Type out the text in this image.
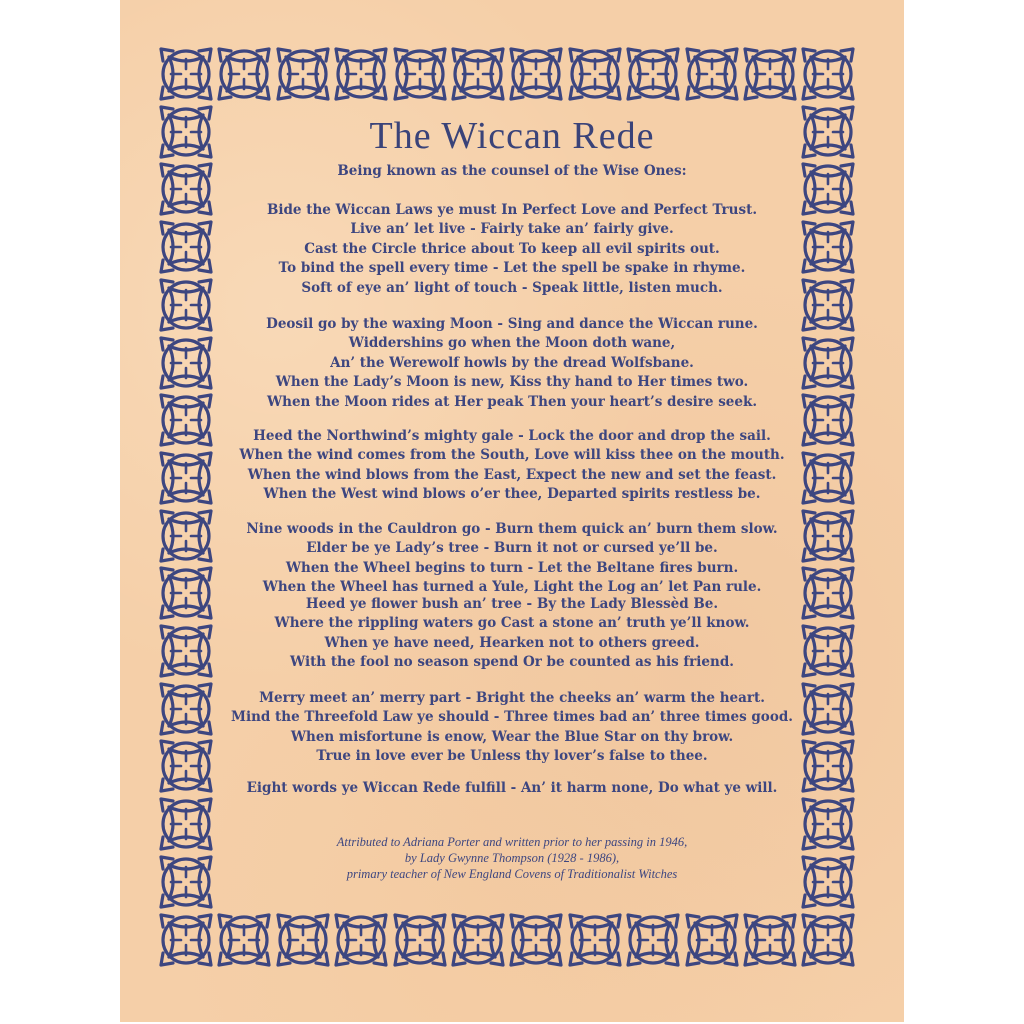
The Wiccan Rede
Being known as the counsel of the Wise Ones:
Bide the Wiccan Laws ye must In Perfect Love and Perfect Trust.
Live an’ let live - Fairly take an’ fairly give.
Cast the Circle thrice about To keep all evil spirits out.
To bind the spell every time - Let the spell be spake in rhyme.
Soft of eye an’ light of touch - Speak little, listen much.
Deosil go by the waxing Moon - Sing and dance the Wiccan rune.
Widdershins go when the Moon doth wane,
An’ the Werewolf howls by the dread Wolfsbane.
When the Lady’s Moon is new, Kiss thy hand to Her times two.
When the Moon rides at Her peak Then your heart’s desire seek.
Heed the Northwind’s mighty gale - Lock the door and drop the sail.
When the wind comes from the South, Love will kiss thee on the mouth.
When the wind blows from the East, Expect the new and set the feast.
When the West wind blows o’er thee, Departed spirits restless be.
Nine woods in the Cauldron go - Burn them quick an’ burn them slow.
Elder be ye Lady’s tree - Burn it not or cursed ye’ll be.
When the Wheel begins to turn - Let the Beltane fires burn.
When the Wheel has turned a Yule, Light the Log an’ let Pan rule.
Heed ye flower bush an’ tree - By the Lady Blessèd Be.
Where the rippling waters go Cast a stone an’ truth ye’ll know.
When ye have need, Hearken not to others greed.
With the fool no season spend Or be counted as his friend.
Merry meet an’ merry part - Bright the cheeks an’ warm the heart.
Mind the Threefold Law ye should - Three times bad an’ three times good.
When misfortune is enow, Wear the Blue Star on thy brow.
True in love ever be Unless thy lover’s false to thee.
Eight words ye Wiccan Rede fulfill - An’ it harm none, Do what ye will.
Attributed to Adriana Porter and written prior to her passing in 1946,
by Lady Gwynne Thompson (1928 - 1986),
primary teacher of New England Covens of Traditionalist Witches
